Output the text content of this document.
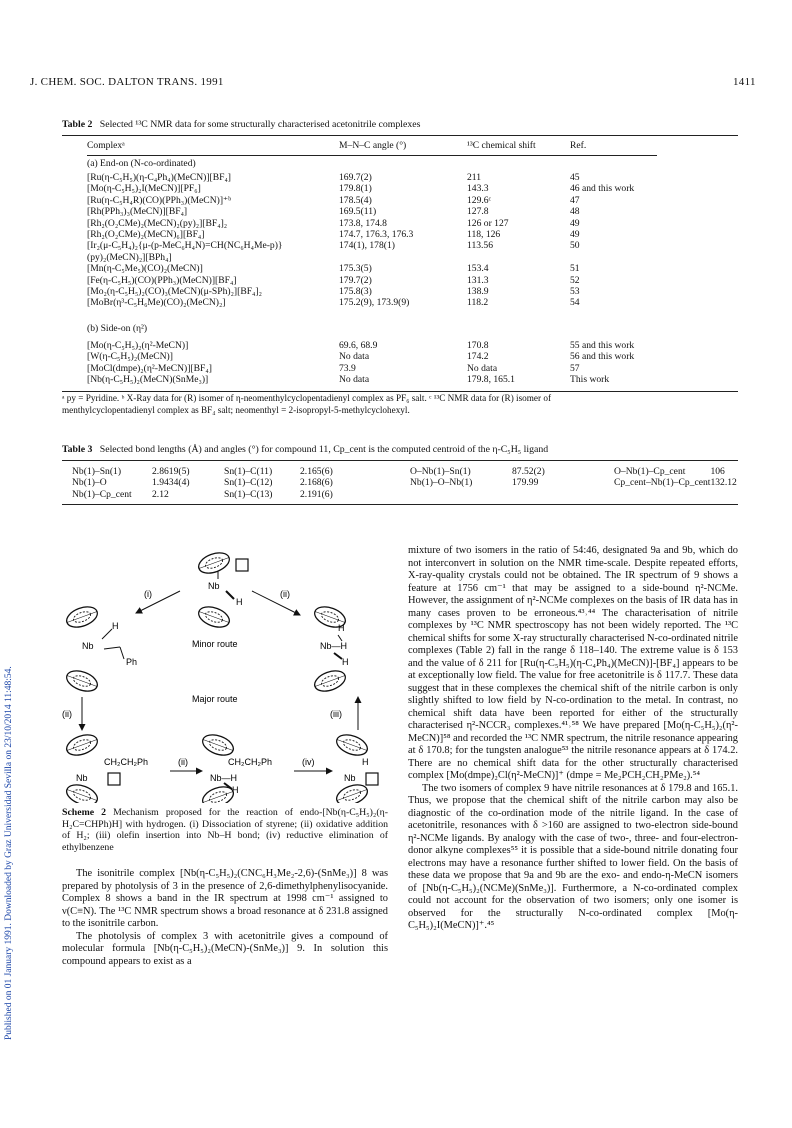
J. CHEM. SOC. DALTON TRANS. 1991	1411
Published on 01 January 1991. Downloaded by Graz Universidad Sevilla on 23/10/2014 11:48:54.
Table 2 Selected ¹³C NMR data for some structurally characterised acetonitrile complexes
Complexᵃ	M–N–C angle (°)	¹³C chemical shift	Ref.
(a) End-on (N-co-ordinated)
[Ru(η-C₅H₅)(η-C₄Ph₄)(MeCN)][BF₄]	169.7(2)	211	45
[Mo(η-C₅H₅)₂I(MeCN)][PF₆]	179.8(1)	143.3	46 and this work
[Ru(η-C₅H₄R)(CO)(PPh₃)(MeCN)]⁺ᵇ	178.5(4)	129.6ᶜ	47
[Rh(PPh₃)₃(MeCN)][BF₄]	169.5(11)	127.8	48
[Rh₂(O₂CMe)₂(MeCN)₂(py)₂][BF₄]₂	173.8, 174.8	126 or 127	49
[Rh₂(O₂CMe)₂(MeCN)₆][BF₄]	174.7, 176.3, 176.3	118, 126	49
[Ir₂(μ-C₅H₄)₂{μ-(p-MeC₆H₄N)=CH(NC₆H₄Me-p)}	174(1), 178(1)	113.56	50
(py)₂(MeCN)₂][BPh₄]			
[Mn(η-C₅Me₅)(CO)₂(MeCN)]	175.3(5)	153.4	51
[Fe(η-C₅H₅)(CO)(PPh₃)(MeCN)][BF₄]	179.7(2)	131.3	52
[Mo₂(η-C₅H₅)₂(CO)₃(MeCN)(μ-SPh)₂][BF₄]₂	175.8(3)	138.9	53
[MoBr(η³-C₅H₆Me)(CO)₂(MeCN)₂]	175.2(9), 173.9(9)	118.2	54
(b) Side-on (η²)
[Mo(η-C₅H₅)₂(η²-MeCN)]	69.6, 68.9	170.8	55 and this work
[W(η-C₅H₅)₂(MeCN)]	No data	174.2	56 and this work
[MoCl(dmpe)₂(η²-MeCN)][BF₄]	73.9	No data	57
[Nb(η-C₅H₅)₂(MeCN)(SnMe₃)]	No data	179.8, 165.1	This work
ᵃ py = Pyridine. ᵇ X-Ray data for (R) isomer of η-neomenthylcyclopentadienyl complex as PF₆ salt. ᶜ ¹³C NMR data for (R) isomer of
menthylcyclopentadienyl complex as BF₄ salt; neomenthyl = 2-isopropyl-5-methylcyclohexyl.
Table 3 Selected bond lengths (Å) and angles (°) for compound 11, Cp_cent is the computed centroid of the η-C₅H₅ ligand
Nb(1)–Sn(1)	2.8619(5)	Sn(1)–C(11)	2.165(6)	O–Nb(1)–Sn(1)	87.52(2)	O–Nb(1)–Cp_cent	106
Nb(1)–O	1.9434(4)	Sn(1)–C(12)	2.168(6)	Nb(1)–O–Nb(1)	179.99	Cp_cent–Nb(1)–Cp_cent	132.12
Nb(1)–Cp_cent	2.12	Sn(1)–C(13)	2.191(6)				
Nb
H
Nb
H
Ph
H
Nb—H
H
(i)	(ii)
Minor route
(ii)	(iii)
Major route
CH₂CH₂Ph
Nb
CH₂CH₂Ph
Nb—H
H
H
Nb
(ii)	(iv)
Scheme 2 Mechanism proposed for the reaction of endo-[Nb(η-C₅H₅)₂(η-H₂C=CHPh)H] with hydrogen. (i) Dissociation of styrene; (ii) oxidative addition of H₂; (iii) olefin insertion into Nb–H bond; (iv) reductive elimination of ethylbenzene

The isonitrile complex [Nb(η-C₅H₅)₂(CNC₆H₃Me₂-2,6)-(SnMe₃)] 8 was prepared by photolysis of 3 in the presence of 2,6-dimethylphenylisocyanide. Complex 8 shows a band in the IR spectrum at 1998 cm⁻¹ assigned to ν(C≡N). The ¹³C NMR spectrum shows a broad resonance at δ 231.8 assigned to the isonitrile carbon.

The photolysis of complex 3 with acetonitrile gives a compound of molecular formula [Nb(η-C₅H₅)₂(MeCN)-(SnMe₃)] 9. In solution this compound appears to exist as a

mixture of two isomers in the ratio of 54:46, designated 9a and 9b, which do not interconvert in solution on the NMR time-scale. Despite repeated efforts, X-ray-quality crystals could not be obtained. The IR spectrum of 9 shows a feature at 1756 cm⁻¹ that may be assigned to a side-bound η²-NCMe. However, the assignment of η²-NCMe complexes on the basis of IR data has in many cases proven to be erroneous.⁴³˒⁴⁴ The characterisation of nitrile complexes by ¹³C NMR spectroscopy has not been widely reported. The ¹³C chemical shifts for some X-ray structurally characterised N-co-ordinated nitrile complexes (Table 2) fall in the range δ 118–140. The extreme value is δ 153 and the value of δ 211 for [Ru(η-C₅H₅)(η-C₄Ph₄)(MeCN)]-[BF₄] appears to be at exceptionally low field. The value for free acetonitrile is δ 117.7. These data suggest that in these complexes the chemical shift of the nitrile carbon is only slightly shifted to low field by N-co-ordination to the metal. In contrast, no chemical shift data have been reported for either of the structurally characterised η²-NCCR₃ complexes.⁴¹˒⁵⁸ We have prepared [Mo(η-C₅H₅)₂(η²-MeCN)]⁵⁸ and recorded the ¹³C NMR spectrum, the nitrile resonance appearing at δ 170.8; for the tungsten analogue⁵³ the nitrile resonance appears at δ 174.2. There are no chemical shift data for the other structurally characterised complex [Mo(dmpe)₂Cl(η²-MeCN)]⁺ (dmpe = Me₂PCH₂CH₂PMe₂).⁵⁴

The two isomers of complex 9 have nitrile resonances at δ 179.8 and 165.1. Thus, we propose that the chemical shift of the nitrile carbon may also be diagnostic of the co-ordination mode of the nitrile ligand. In the case of acetonitrile, resonances with δ >160 are assigned to two-electron side-bound η²-NCMe ligands. By analogy with the case of two-, three- and four-electron-donor alkyne complexes⁵⁵ it is possible that a side-bound nitrile donating four electrons may have a resonance further shifted to lower field. On the basis of these data we propose that 9a and 9b are the exo- and endo-η-MeCN isomers of [Nb(η-C₅H₅)₂(NCMe)(SnMe₃)]. Furthermore, a N-co-ordinated complex could not account for the observation of two isomers; only one isomer is observed for the structurally N-co-ordinated complex [Mo(η-C₅H₅)₂I(MeCN)]⁺.⁴⁵
